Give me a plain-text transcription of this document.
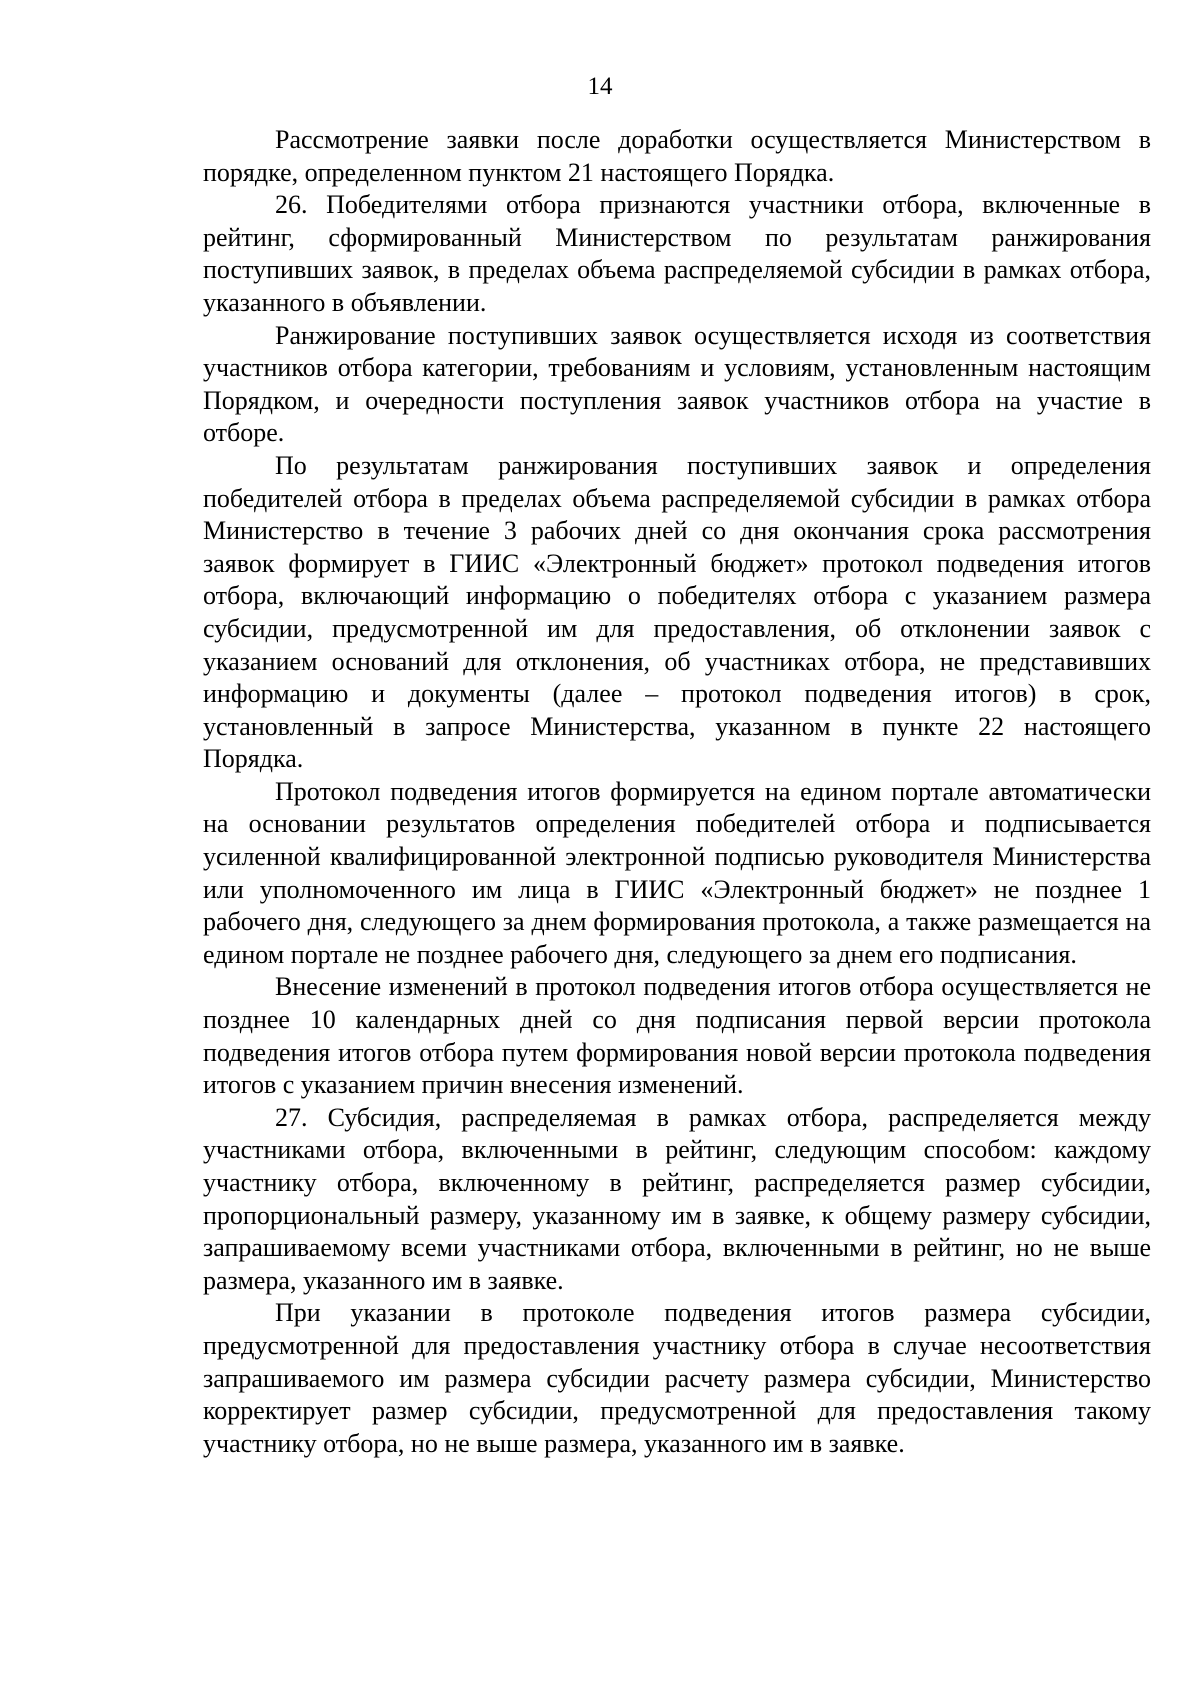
14

Рассмотрение заявки после доработки осуществляется Министерством в порядке, определенном пунктом 21 настоящего Порядка.

26. Победителями отбора признаются участники отбора, включенные в рейтинг, сформированный Министерством по результатам ранжирования поступивших заявок, в пределах объема распределяемой субсидии в рамках отбора, указанного в объявлении.

Ранжирование поступивших заявок осуществляется исходя из соответствия участников отбора категории, требованиям и условиям, установленным настоящим Порядком, и очередности поступления заявок участников отбора на участие в отборе.

По результатам ранжирования поступивших заявок и определения победителей отбора в пределах объема распределяемой субсидии в рамках отбора Министерство в течение 3 рабочих дней со дня окончания срока рассмотрения заявок формирует в ГИИС «Электронный бюджет» протокол подведения итогов отбора, включающий информацию о победителях отбора с указанием размера субсидии, предусмотренной им для предоставления, об отклонении заявок с указанием оснований для отклонения, об участниках отбора, не представивших информацию и документы (далее – протокол подведения итогов) в срок, установленный в запросе Министерства, указанном в пункте 22 настоящего Порядка.

Протокол подведения итогов формируется на едином портале автоматически на основании результатов определения победителей отбора и подписывается усиленной квалифицированной электронной подписью руководителя Министерства или уполномоченного им лица в ГИИС «Электронный бюджет» не позднее 1 рабочего дня, следующего за днем формирования протокола, а также размещается на едином портале не позднее рабочего дня, следующего за днем его подписания.

Внесение изменений в протокол подведения итогов отбора осуществляется не позднее 10 календарных дней со дня подписания первой версии протокола подведения итогов отбора путем формирования новой версии протокола подведения итогов с указанием причин внесения изменений.

27. Субсидия, распределяемая в рамках отбора, распределяется между участниками отбора, включенными в рейтинг, следующим способом: каждому участнику отбора, включенному в рейтинг, распределяется размер субсидии, пропорциональный размеру, указанному им в заявке, к общему размеру субсидии, запрашиваемому всеми участниками отбора, включенными в рейтинг, но не выше размера, указанного им в заявке.

При указании в протоколе подведения итогов размера субсидии, предусмотренной для предоставления участнику отбора в случае несоответствия запрашиваемого им размера субсидии расчету размера субсидии, Министерство корректирует размер субсидии, предусмотренной для предоставления такому участнику отбора, но не выше размера, указанного им в заявке.
